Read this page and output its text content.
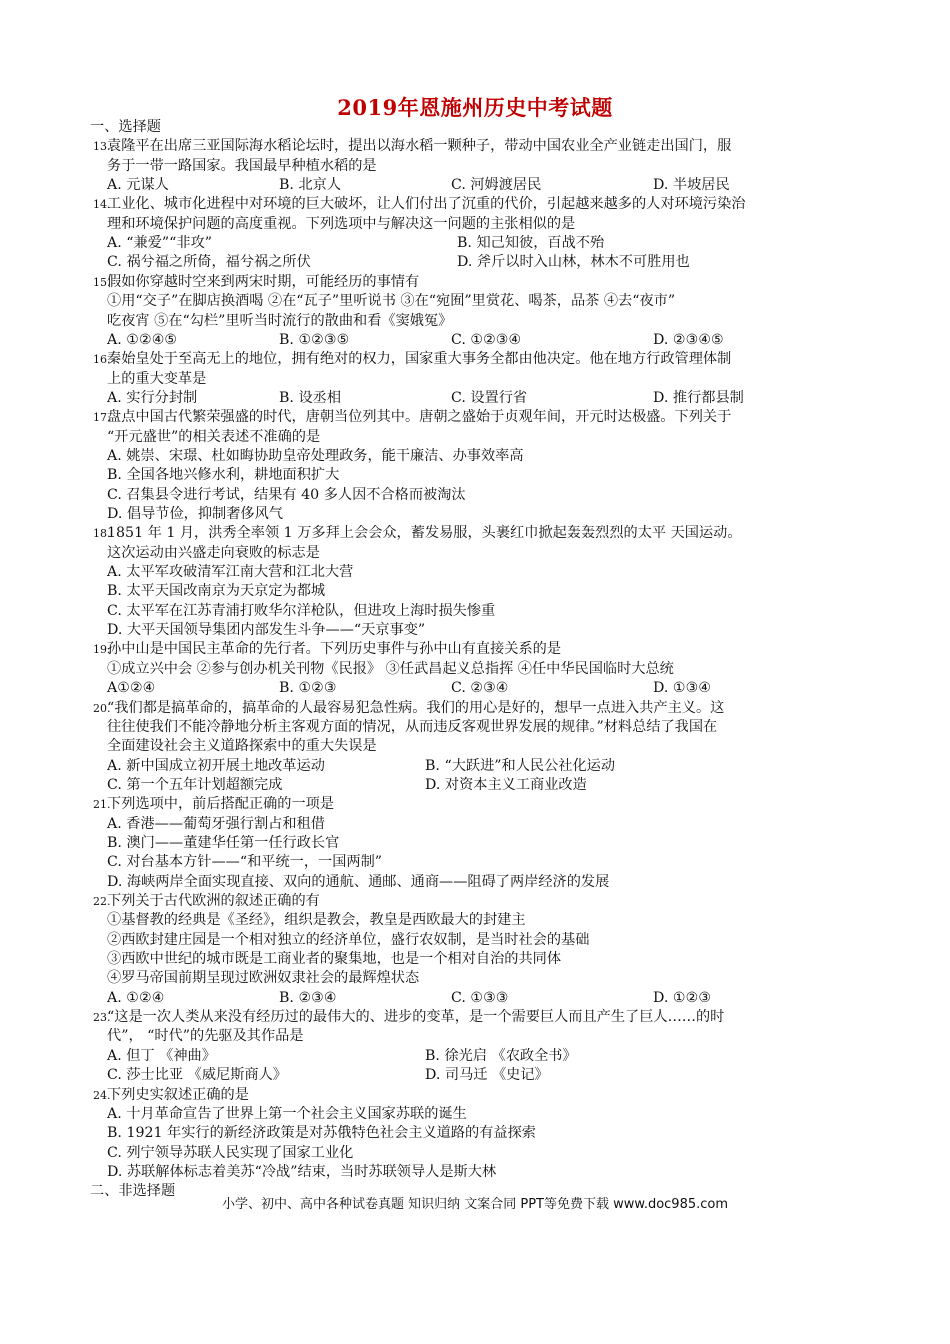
2019年恩施州历史中考试题
一、选择题
13.袁隆平在出席三亚国际海水稻论坛时，提出以海水稻一颗种子，带动中国农业全产业链走出国门，服
务于一带一路国家。我国最早种植水稻的是
A. 元谋人	B. 北京人	C. 河姆渡居民	D. 半坡居民
14.工业化、城市化进程中对环境的巨大破坏，让人们付出了沉重的代价，引起越来越多的人对环境污染治
理和环境保护问题的高度重视。下列选项中与解决这一问题的主张相似的是
A. “兼爱”“非攻”	B. 知己知彼，百战不殆
C. 祸兮福之所倚，福兮祸之所伏	D. 斧斤以时入山林，林木不可胜用也
15.假如你穿越时空来到两宋时期，可能经历的事情有
①用“交子”在脚店换酒喝 ②在“瓦子”里听说书 ③在“宛囿”里赏花、喝茶，品茶 ④去“夜市”
吃夜宵 ⑤在“勾栏”里听当时流行的散曲和看《窦娥冤》
A. ①②④⑤	B. ①②③⑤	C. ①②③④	D. ②③④⑤
16.秦始皇处于至高无上的地位，拥有绝对的权力，国家重大事务全都由他决定。他在地方行政管理体制
上的重大变革是
A. 实行分封制	B. 设丞相	C. 设置行省	D. 推行都县制
17.盘点中国古代繁荣强盛的时代，唐朝当位列其中。唐朝之盛始于贞观年间，开元时达极盛。下列关于
“开元盛世”的相关表述不准确的是
A. 姚崇、宋璟、杜如晦协助皇帝处理政务，能干廉洁、办事效率高
B. 全国各地兴修水利，耕地面积扩大
C. 召集县令进行考试，结果有 40 多人因不合格而被淘汰
D. 倡导节俭，抑制奢侈风气
18.1851 年 1 月，洪秀全率领 1 万多拜上会会众，蓄发易服，头裹红巾掀起轰轰烈烈的太平 天国运动。
这次运动由兴盛走向衰败的标志是
A. 太平军攻破清军江南大营和江北大营
B. 太平天国改南京为天京定为都城
C. 太平军在江苏青浦打败华尔洋枪队，但进攻上海时损失惨重
D. 大平天国领导集团内部发生斗争——“天京事变”
19.孙中山是中国民主革命的先行者。下列历史事件与孙中山有直接关系的是
①成立兴中会 ②参与创办机关刊物《民报》 ③任武昌起义总指挥 ④任中华民国临时大总统
A①②④	B. ①②③	C. ②③④	D. ①③④
20.“我们都是搞革命的，搞革命的人最容易犯急性病。我们的用心是好的，想早一点进入共产主义。这
往往使我们不能冷静地分析主客观方面的情况，从而违反客观世界发展的规律。”材料总结了我国在
全面建设社会主义道路探索中的重大失误是
A. 新中国成立初开展土地改革运动	B. “大跃进”和人民公社化运动
C. 第一个五年计划超额完成	D. 对资本主义工商业改造
21.下列选项中，前后搭配正确的一项是
A. 香港——葡萄牙强行割占和租借
B. 澳门——董建华任第一任行政长官
C. 对台基本方针——“和平统一，一国两制”
D. 海峡两岸全面实现直接、双向的通航、通邮、通商——阻碍了两岸经济的发展
22.下列关于古代欧洲的叙述正确的有
①基督教的经典是《圣经》，组织是教会，教皇是西欧最大的封建主
②西欧封建庄园是一个相对独立的经济单位，盛行农奴制，是当时社会的基础
③西欧中世纪的城市既是工商业者的聚集地，也是一个相对自治的共同体
④罗马帝国前期呈现过欧洲奴隶社会的最辉煌状态
A. ①②④	B. ②③④	C. ①③③	D. ①②③
23.“这是一次人类从来没有经历过的最伟大的、进步的变革，是一个需要巨人而且产生了巨人……的时
代”， “时代”的先驱及其作品是
A. 但丁 《神曲》	B. 徐光启 《农政全书》
C. 莎士比亚 《威尼斯商人》	D. 司马迁 《史记》
24.下列史实叙述正确的是
A. 十月革命宣告了世界上第一个社会主义国家苏联的诞生
B. 1921 年实行的新经济政策是对苏俄特色社会主义道路的有益探索
C. 列宁领导苏联人民实现了国家工业化
D. 苏联解体标志着美苏“冷战”结束，当时苏联领导人是斯大林
二、非选择题
小学、初中、高中各种试卷真题 知识归纳 文案合同 PPT等免费下载 www.doc985.com
